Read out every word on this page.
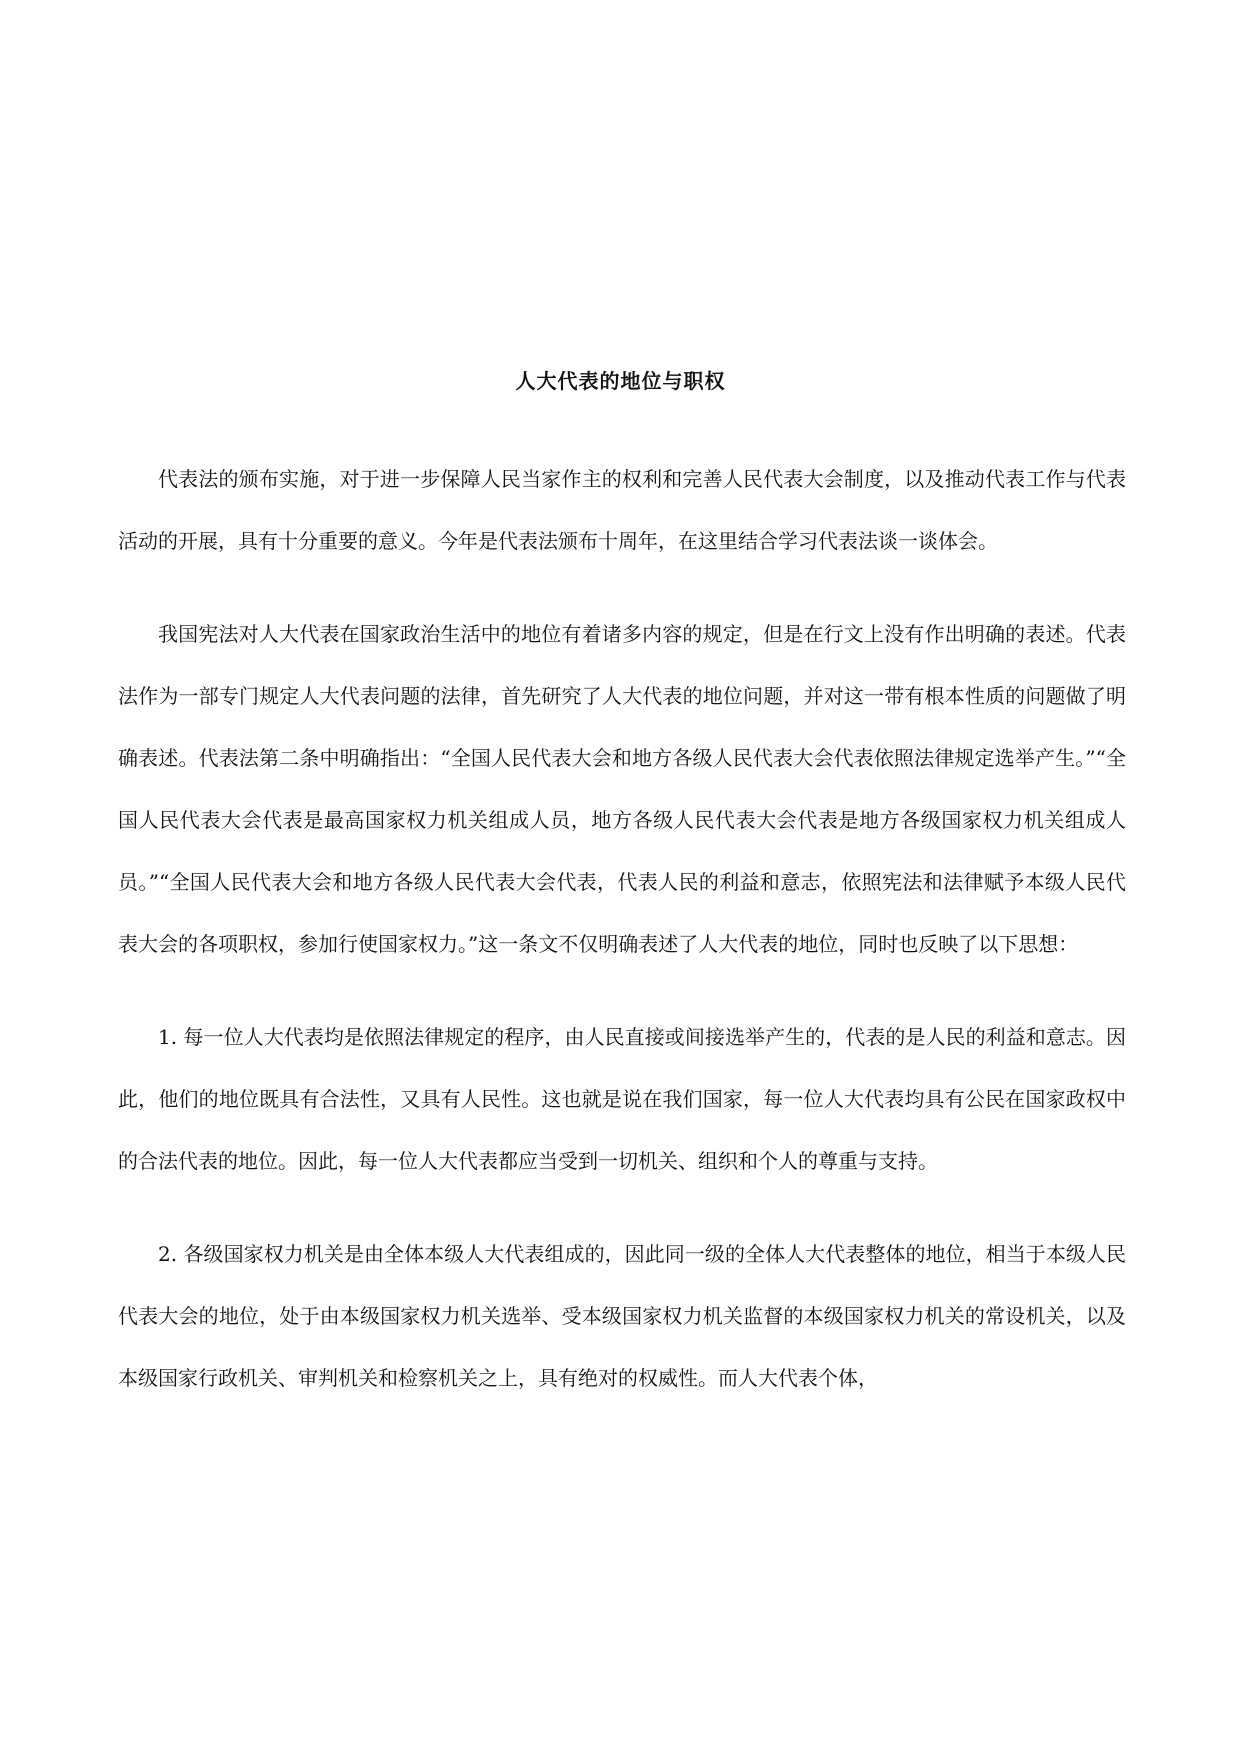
人大代表的地位与职权

代表法的颁布实施，对于进一步保障人民当家作主的权利和完善人民代表大会制度，以及推动代表工作与代表活动的开展，具有十分重要的意义。今年是代表法颁布十周年，在这里结合学习代表法谈一谈体会。

我国宪法对人大代表在国家政治生活中的地位有着诸多内容的规定，但是在行文上没有作出明确的表述。代表法作为一部专门规定人大代表问题的法律，首先研究了人大代表的地位问题，并对这一带有根本性质的问题做了明确表述。代表法第二条中明确指出：“全国人民代表大会和地方各级人民代表大会代表依照法律规定选举产生。”“全国人民代表大会代表是最高国家权力机关组成人员，地方各级人民代表大会代表是地方各级国家权力机关组成人员。”“全国人民代表大会和地方各级人民代表大会代表，代表人民的利益和意志，依照宪法和法律赋予本级人民代表大会的各项职权，参加行使国家权力。”这一条文不仅明确表述了人大代表的地位，同时也反映了以下思想：

1. 每一位人大代表均是依照法律规定的程序，由人民直接或间接选举产生的，代表的是人民的利益和意志。因此，他们的地位既具有合法性，又具有人民性。这也就是说在我们国家，每一位人大代表均具有公民在国家政权中的合法代表的地位。因此，每一位人大代表都应当受到一切机关、组织和个人的尊重与支持。

2. 各级国家权力机关是由全体本级人大代表组成的，因此同一级的全体人大代表整体的地位，相当于本级人民代表大会的地位，处于由本级国家权力机关选举、受本级国家权力机关监督的本级国家权力机关的常设机关，以及本级国家行政机关、审判机关和检察机关之上，具有绝对的权威性。而人大代表个体，
